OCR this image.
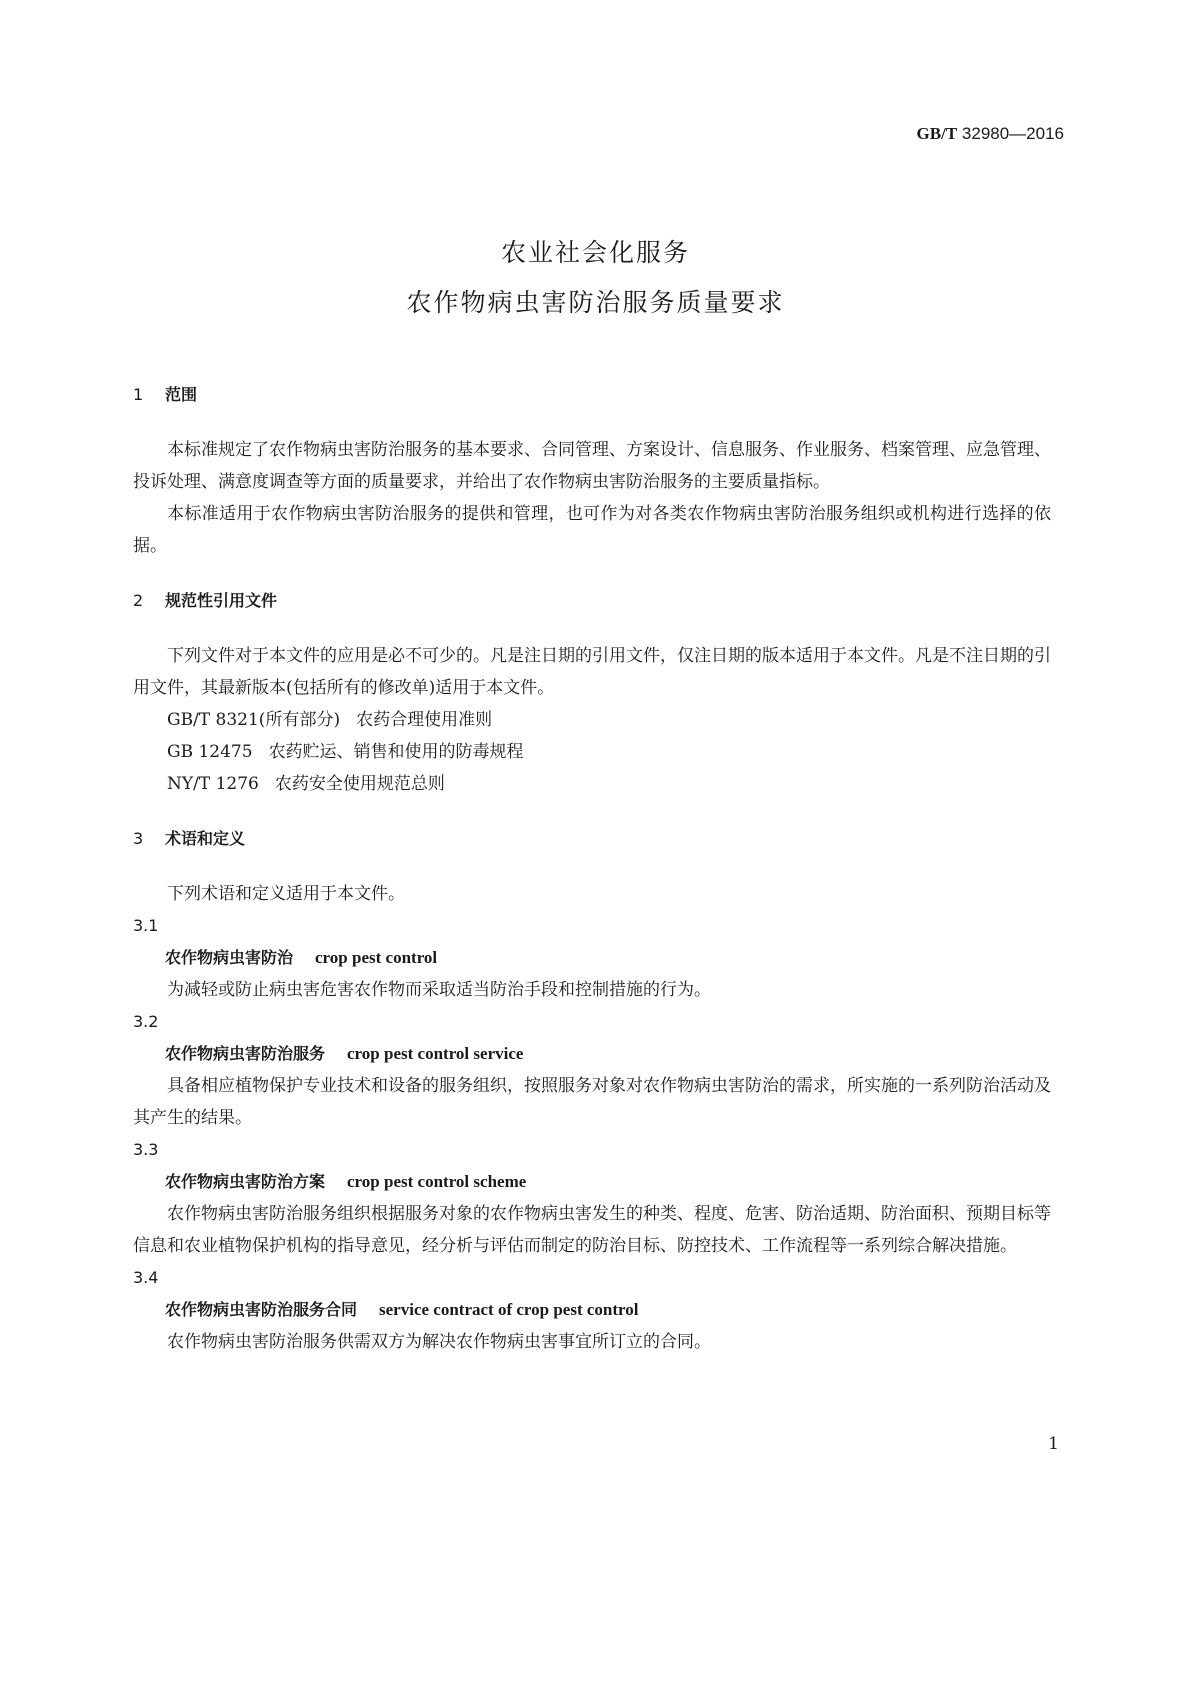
GB/T 32980—2016
农业社会化服务
农作物病虫害防治服务质量要求
1 范围
本标准规定了农作物病虫害防治服务的基本要求、合同管理、方案设计、信息服务、作业服务、档案管理、应急管理、投诉处理、满意度调查等方面的质量要求，并给出了农作物病虫害防治服务的主要质量指标。
本标准适用于农作物病虫害防治服务的提供和管理，也可作为对各类农作物病虫害防治服务组织或机构进行选择的依据。
2 规范性引用文件
下列文件对于本文件的应用是必不可少的。凡是注日期的引用文件，仅注日期的版本适用于本文件。凡是不注日期的引用文件，其最新版本(包括所有的修改单)适用于本文件。
GB/T 8321(所有部分) 农药合理使用准则
GB 12475 农药贮运、销售和使用的防毒规程
NY/T 1276 农药安全使用规范总则
3 术语和定义
下列术语和定义适用于本文件。
3.1
农作物病虫害防治 crop pest control
为减轻或防止病虫害危害农作物而采取适当防治手段和控制措施的行为。
3.2
农作物病虫害防治服务 crop pest control service
具备相应植物保护专业技术和设备的服务组织，按照服务对象对农作物病虫害防治的需求，所实施的一系列防治活动及其产生的结果。
3.3
农作物病虫害防治方案 crop pest control scheme
农作物病虫害防治服务组织根据服务对象的农作物病虫害发生的种类、程度、危害、防治适期、防治面积、预期目标等信息和农业植物保护机构的指导意见，经分析与评估而制定的防治目标、防控技术、工作流程等一系列综合解决措施。
3.4
农作物病虫害防治服务合同 service contract of crop pest control
农作物病虫害防治服务供需双方为解决农作物病虫害事宜所订立的合同。
1
